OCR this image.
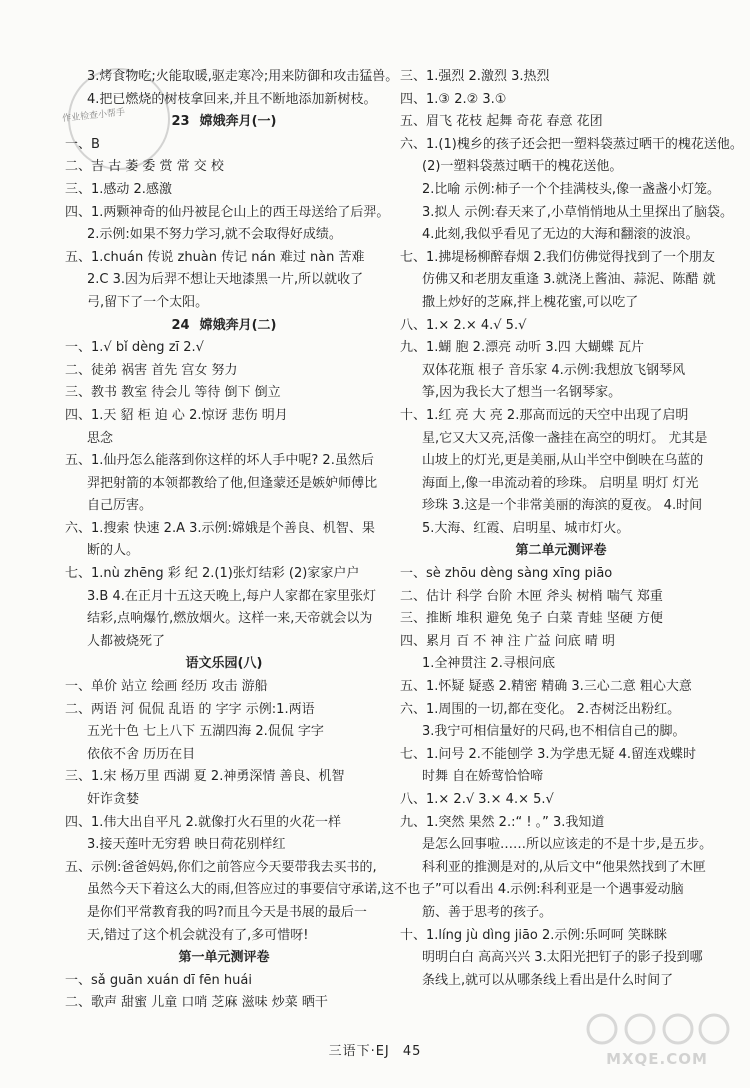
作业检查小帮手
3.烤食物吃;火能取暖,驱走寒冷;用来防御和攻击猛兽。
4.把已燃烧的树枝拿回来,并且不断地添加新树枝。
23 嫦娥奔月(一)
一、B
二、吉 古 萎 委 赏 常 交 校
三、1.感动 2.感激
四、1.两颗神奇的仙丹被昆仑山上的西王母送给了后羿。
2.示例:如果不努力学习,就不会取得好成绩。
五、1.chuán 传说 zhuàn 传记 nán 难过 nàn 苦难
2.C 3.因为后羿不想让天地漆黑一片,所以就收了
弓,留下了一个太阳。
24 嫦娥奔月(二)
一、1.√ bǐ dèng zī 2.√
二、徒弟 祸害 首先 宫女 努力
三、教书 教室 待会儿 等待 倒下 倒立
四、1.天 貂 柜 迫 心 2.惊讶 悲伤 明月
思念
五、1.仙丹怎么能落到你这样的坏人手中呢? 2.虽然后
羿把射箭的本领都教给了他,但逢蒙还是嫉妒师傅比
自己厉害。
六、1.搜索 快速 2.A 3.示例:嫦娥是个善良、机智、果
断的人。
七、1.nù zhēng 彩 纪 2.(1)张灯结彩 (2)家家户户
3.B 4.在正月十五这天晚上,每户人家都在家里张灯
结彩,点响爆竹,燃放烟火。这样一来,天帝就会以为
人都被烧死了
语文乐园(八)
一、单价 站立 绘画 经历 攻击 游船
二、两语 河 侃侃 乱语 的 字字 示例:1.两语
五光十色 七上八下 五湖四海 2.侃侃 字字
依依不舍 历历在目
三、1.宋 杨万里 西湖 夏 2.神勇深情 善良、机智
奸诈贪婪
四、1.伟大出自平凡 2.就像打火石里的火花一样
3.接天莲叶无穷碧 映日荷花别样红
五、示例:爸爸妈妈,你们之前答应今天要带我去买书的,
虽然今天下着这么大的雨,但答应过的事要信守承诺,这不也
是你们平常教育我的吗?而且今天是书展的最后一
天,错过了这个机会就没有了,多可惜呀!
第一单元测评卷
一、sǎ guān xuán dī fēn huái
二、歌声 甜蜜 儿童 口哨 芝麻 滋味 炒菜 晒干
三、1.强烈 2.激烈 3.热烈
四、1.③ 2.② 3.①
五、眉飞 花枝 起舞 奇花 春意 花团
六、1.(1)槐乡的孩子还会把一塑料袋蒸过晒干的槐花送他。
(2)一塑料袋蒸过晒干的槐花送他。
2.比喻 示例:柿子一个个挂满枝头,像一盏盏小灯笼。
3.拟人 示例:春天来了,小草悄悄地从土里探出了脑袋。
4.此刻,我似乎看见了无边的大海和翻滚的波浪。
七、1.拂堤杨柳醉春烟 2.我们仿佛觉得找到了一个朋友
仿佛又和老朋友重逢 3.就浇上酱油、蒜泥、陈醋 就
撒上炒好的芝麻,拌上槐花蜜,可以吃了
八、1.× 2.× 4.√ 5.√
九、1.蝴 胞 2.漂亮 动听 3.四 大蝴蝶 瓦片
双体花瓶 根子 音乐家 4.示例:我想放飞钢琴风
筝,因为我长大了想当一名钢琴家。
十、1.红 亮 大 亮 2.那高而远的天空中出现了启明
星,它又大又亮,活像一盏挂在高空的明灯。 尤其是
山坡上的灯光,更是美丽,从山半空中倒映在乌蓝的
海面上,像一串流动着的珍珠。 启明星 明灯 灯光
珍珠 3.这是一个非常美丽的海滨的夏夜。 4.时间
5.大海、红霞、启明星、城市灯火。
第二单元测评卷
一、sè zhōu dèng sàng xīng piāo
二、估计 科学 台阶 木匣 斧头 树梢 喘气 郑重
三、推断 堆积 避免 兔子 白菜 青蛙 坚硬 方便
四、累月 百 不 神 注 广益 问底 晴 明
1.全神贯注 2.寻根问底
五、1.怀疑 疑惑 2.精密 精确 3.三心二意 粗心大意
六、1.周围的一切,都在变化。 2.杏树泛出粉红。
3.我宁可相信量好的尺码,也不相信自己的脚。
七、1.问号 2.不能刨学 3.为学患无疑 4.留连戏蝶时
时舞 自在娇莺恰恰啼
八、1.× 2.√ 3.× 4.× 5.√
九、1.突然 果然 2.:“ ! 。” 3.我知道
是怎么回事啦……所以应该走的不是十步,是五步。
科利亚的推测是对的,从后文中“他果然找到了木匣
子”可以看出 4.示例:科利亚是一个遇事爱动脑
筋、善于思考的孩子。
十、1.líng jù dìng jiāo 2.示例:乐呵呵 笑眯眯
明明白白 高高兴兴 3.太阳光把钉子的影子投到哪
条线上,就可以从哪条线上看出是什么时间了
三语下·EJ 45	MXQE.COM
